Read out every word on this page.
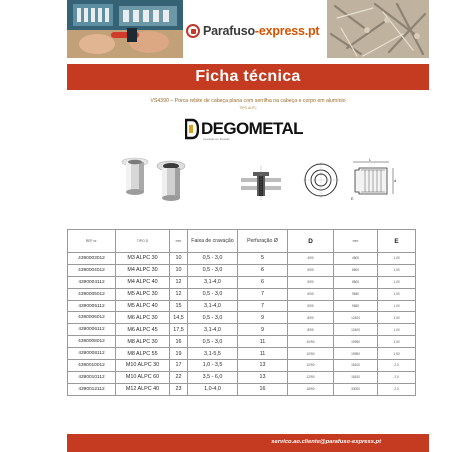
Parafuso-express.pt
Ficha técnica
VS4390 – Porca rebite de cabeça plana com serrilha na cabeça e corpo em alumínio
TIPO ALPC
DEGOMETAL
Inovação em Fixação
L
d
E
REF nr.	TIPO D	mm	Faixa de cravação	Perfuração Ø	D	mm	E
4390003012	M3 ALPC 30	10	0,5 - 3,0	5	4/90	4800	1,00
4390004012	M4 ALPC 30	10	0,5 - 3,0	6	5/90	8800	1,00
4390004112	M4 ALPC 40	12	3,1-4,0	6	5/90	8800	1,00
4390005012	M5 ALPC 30	12	0,5 - 3,0	7	6/90	9650	1,00
4390005112	M5 ALPC 40	15	3,1-4,0	7	6/90	9650	1,00
4390006012	M6 ALPC 30	14,5	0,5 - 3,0	9	8/90	12400	1,00
4390006112	M6 ALPC 45	17,5	3,1-4,0	9	8/90	12400	1,00
4390008012	M8 ALPC 30	16	0,5 - 3,0	11	10/90	19950	1,00
4390008112	M8 ALPC 55	19	3,1-5,5	11	10/90	19950	1,50
4390010012	M10 ALPC 30	17	1,0 - 3,5	13	12/90	18100	2,0
4390010112	M10 ALPC 60	22	3,5 - 6,0	13	12/90	18100	2,0
4390012112	M12 ALPC 40	23	1,0-4,0	16	16/90	33000	2,0
servico.ao.cliente@parafuso-express.pt
